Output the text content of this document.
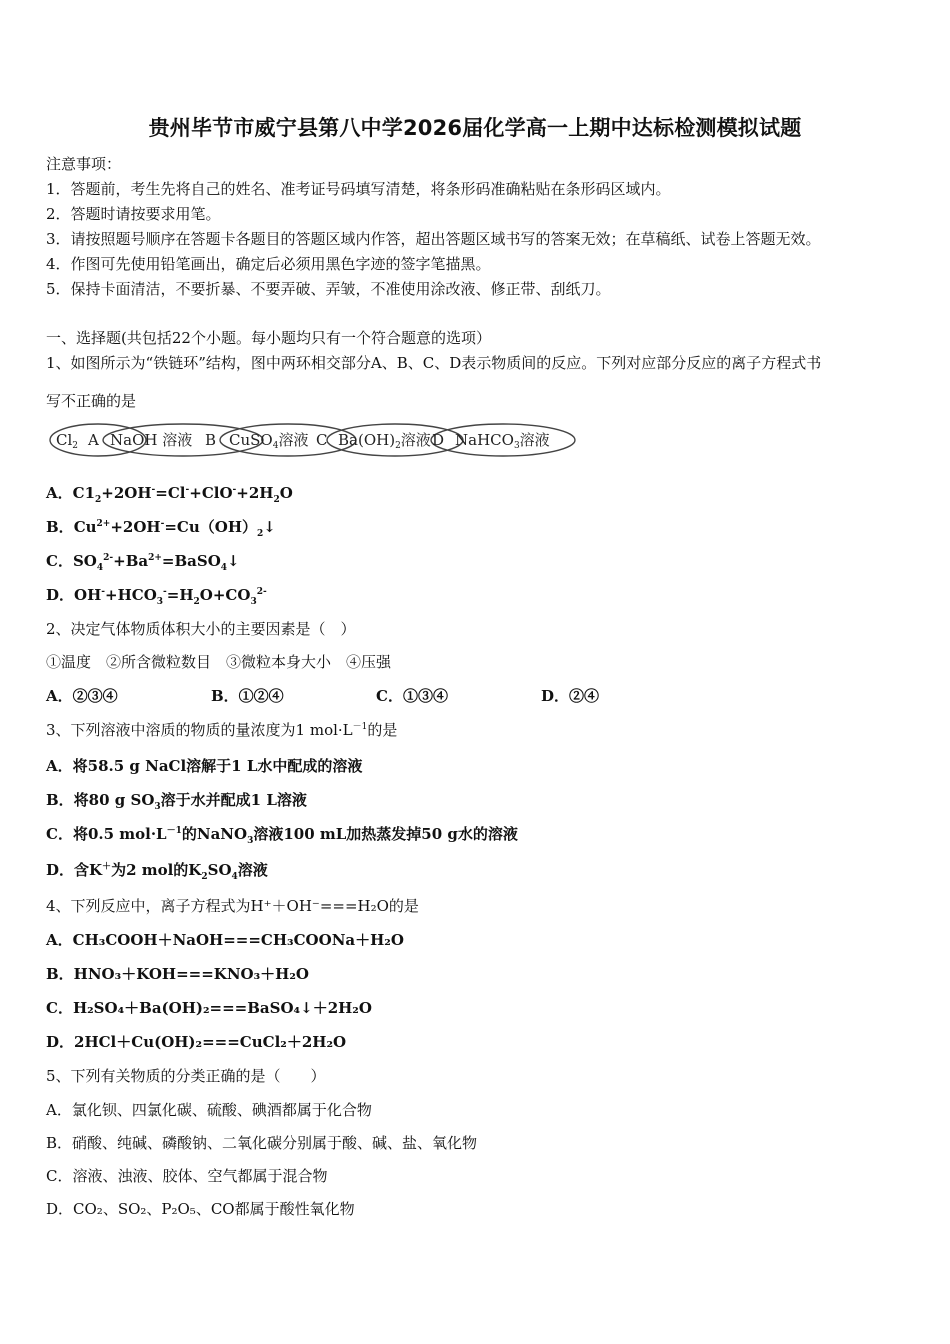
贵州毕节市威宁县第八中学2026届化学高一上期中达标检测模拟试题
注意事项：
1．答题前，考生先将自己的姓名、准考证号码填写清楚，将条形码准确粘贴在条形码区域内。
2．答题时请按要求用笔。
3．请按照题号顺序在答题卡各题目的答题区域内作答，超出答题区域书写的答案无效；在草稿纸、试卷上答题无效。
4．作图可先使用铅笔画出，确定后必须用黑色字迹的签字笔描黑。
5．保持卡面清洁，不要折暴、不要弄破、弄皱，不准使用涂改液、修正带、刮纸刀。
一、选择题(共包括22个小题。每小题均只有一个符合题意的选项）
1、如图所示为“铁链环”结构，图中两环相交部分A、B、C、D表示物质间的反应。下列对应部分反应的离子方程式书
写不正确的是
$Cl_2$ A NaOH 溶液 B CuSO$_4$溶液 C $Ba(OH)_2$溶液 D NaHCO$_3$溶液
A．$C1_2+2OH^-=Cl^-+ClO^-+2H_2O$
B．$Cu^{2+}+2OH^-=Cu(OH)_2↓$
C．$SO_4^{2-}+Ba^{2+}=BaSO_4↓$
D．$OH^-+HCO_3^-=H_2O+CO_3^{2-}$
2、决定气体物质体积大小的主要因素是（　）
①温度　②所含微粒数目　③微粒本身大小　④压强
A．②③④	B．①②④	C．①③④	D．②④
3、下列溶液中溶质的物质的量浓度为1 $mol\cdot L^{-1}$的是
A．将58.5 g NaCl溶解于1 L水中配成的溶液
B．将80 g $SO_3$溶于水并配成1 L溶液
C．将0.5 $mol\cdot L^{-1}$的NaNO$_3$溶液100 mL加热蒸发掉50 g水的溶液
D．含K＋为2 mol的$K_2SO_4$溶液
4、下列反应中，离子方程式为H⁺＋OH⁻===H₂O的是
A．CH₃COOH＋NaOH===CH₃COONa＋H₂O
B．HNO₃＋KOH===KNO₃＋H₂O
C．H₂SO₄＋Ba(OH)₂===BaSO₄↓＋2H₂O
D．2HCl＋Cu(OH)₂===CuCl₂＋2H₂O
5、下列有关物质的分类正确的是（　　）
A．氯化钡、四氯化碳、硫酸、碘酒都属于化合物
B．硝酸、纯碱、磷酸钠、二氧化碳分别属于酸、碱、盐、氧化物
C．溶液、浊液、胶体、空气都属于混合物
D．CO₂、SO₂、P₂O₅、CO都属于酸性氧化物
